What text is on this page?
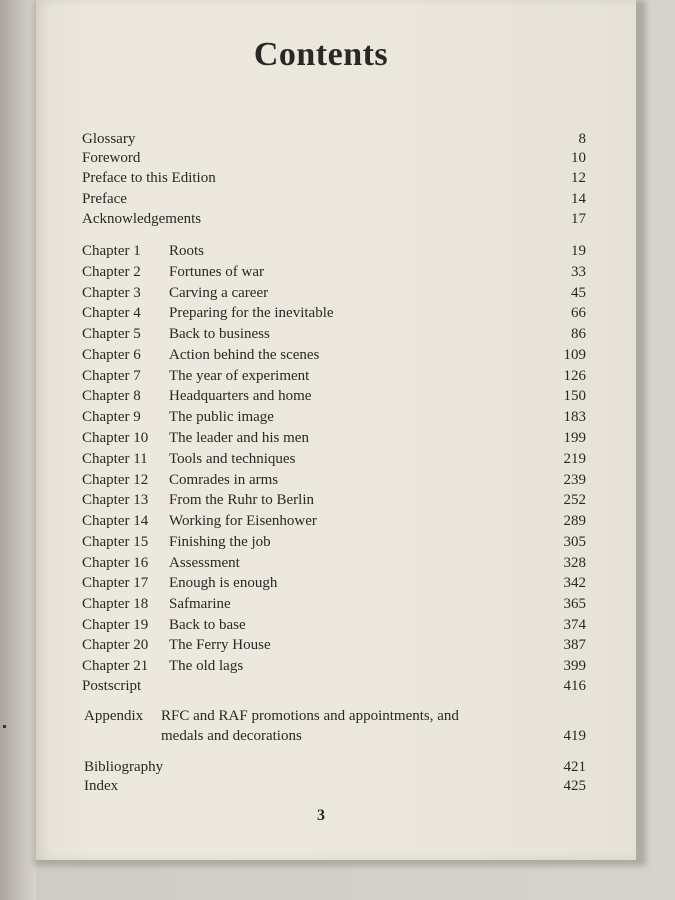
Contents
Glossary	8
Foreword	10
Preface to this Edition	12
Preface	14
Acknowledgements	17
Chapter 1 Roots	19
Chapter 2 Fortunes of war	33
Chapter 3 Carving a career	45
Chapter 4 Preparing for the inevitable	66
Chapter 5 Back to business	86
Chapter 6 Action behind the scenes	109
Chapter 7 The year of experiment	126
Chapter 8 Headquarters and home	150
Chapter 9 The public image	183
Chapter 10 The leader and his men	199
Chapter 11 Tools and techniques	219
Chapter 12 Comrades in arms	239
Chapter 13 From the Ruhr to Berlin	252
Chapter 14 Working for Eisenhower	289
Chapter 15 Finishing the job	305
Chapter 16 Assessment	328
Chapter 17 Enough is enough	342
Chapter 18 Safmarine	365
Chapter 19 Back to base	374
Chapter 20 The Ferry House	387
Chapter 21 The old lags	399
Postscript	416
Appendix RFC and RAF promotions and appointments, and
medals and decorations	419
Bibliography	421
Index	425
3
